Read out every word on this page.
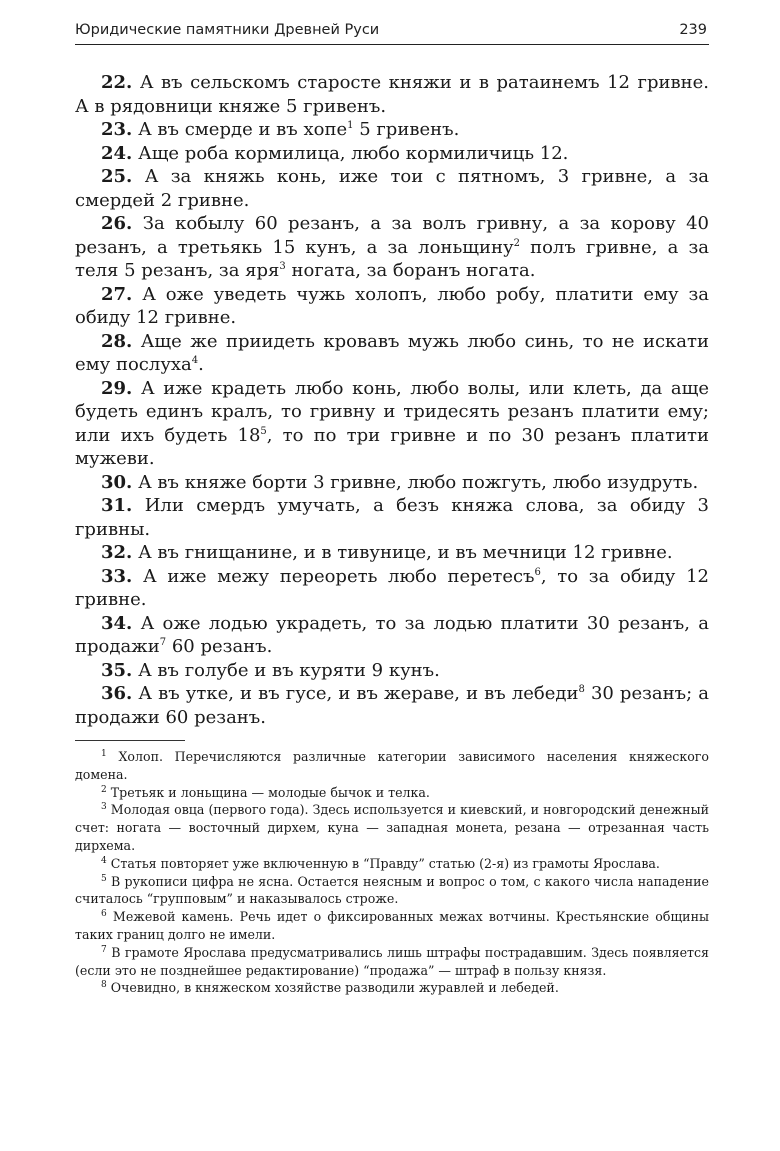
Юридические памятники Древней Руси	239

22. А въ сельскомъ старосте княжи и в ратаинемъ 12 гривне. А в рядовници княже 5 гривенъ.

23. А въ смерде и въ хопе$^1$ 5 гривенъ.

24. Аще роба кормилица, любо кормиличиць 12.

25. А за княжь конь, иже тои с пятномъ, 3 гривне, а за смердей 2 гривне.

26. За кобылу 60 резанъ, а за волъ гривну, а за корову 40 резанъ, а третьякь 15 кунъ, а за лоньщину$^2$ полъ гривне, а за теля 5 резанъ, за яря$^3$ ногата, за боранъ ногата.

27. А оже уведеть чужь холопъ, любо робу, платити ему за обиду 12 гривне.

28. Аще же приидеть кровавъ мужь любо синь, то не искати ему послуха$^4$.

29. А иже крадеть любо конь, любо волы, или клеть, да аще будеть единъ кралъ, то гривну и тридесять резанъ платити ему; или ихъ будеть $18^5$, то по три гривне и по 30 резанъ платити мужеви.

30. А въ княже борти 3 гривне, любо пожгуть, любо изудруть.

31. Или смердъ умучать, а безъ княжа слова, за обиду 3 гривны.

32. А въ гнищанине, и в тивунице, и въ мечници 12 гривне.

33. А иже межу переореть любо перетесъ$^6$, то за обиду 12 гривне.

34. А оже лодью украдеть, то за лодью платити 30 резанъ, а продажи$^7$ 60 резанъ.

35. А въ голубе и въ куряти 9 кунъ.

36. А въ утке, и въ гусе, и въ жераве, и въ лебеди$^8$ 30 резанъ; а продажи 60 резанъ.

$^1$ Холоп. Перечисляются различные категории зависимого населения княжеского домена.

$^2$ Третьяк и лоньщина — молодые бычок и телка.

$^3$ Молодая овца (первого года). Здесь используется и киевский, и новгородский денежный счет: ногата — восточный дирхем, куна — западная монета, резана — отрезанная часть дирхема.

$^4$ Статья повторяет уже включенную в “Правду” статью (2-я) из грамоты Ярослава.

$^5$ В рукописи цифра не ясна. Остается неясным и вопрос о том, с какого числа нападение считалось “групповым” и наказывалось строже.

$^6$ Межевой камень. Речь идет о фиксированных межах вотчины. Крестьянские общины таких границ долго не имели.

$^7$ В грамоте Ярослава предусматривались лишь штрафы пострадавшим. Здесь появляется (если это не позднейшее редактирование) “продажа” — штраф в пользу князя.

$^8$ Очевидно, в княжеском хозяйстве разводили журавлей и лебедей.
